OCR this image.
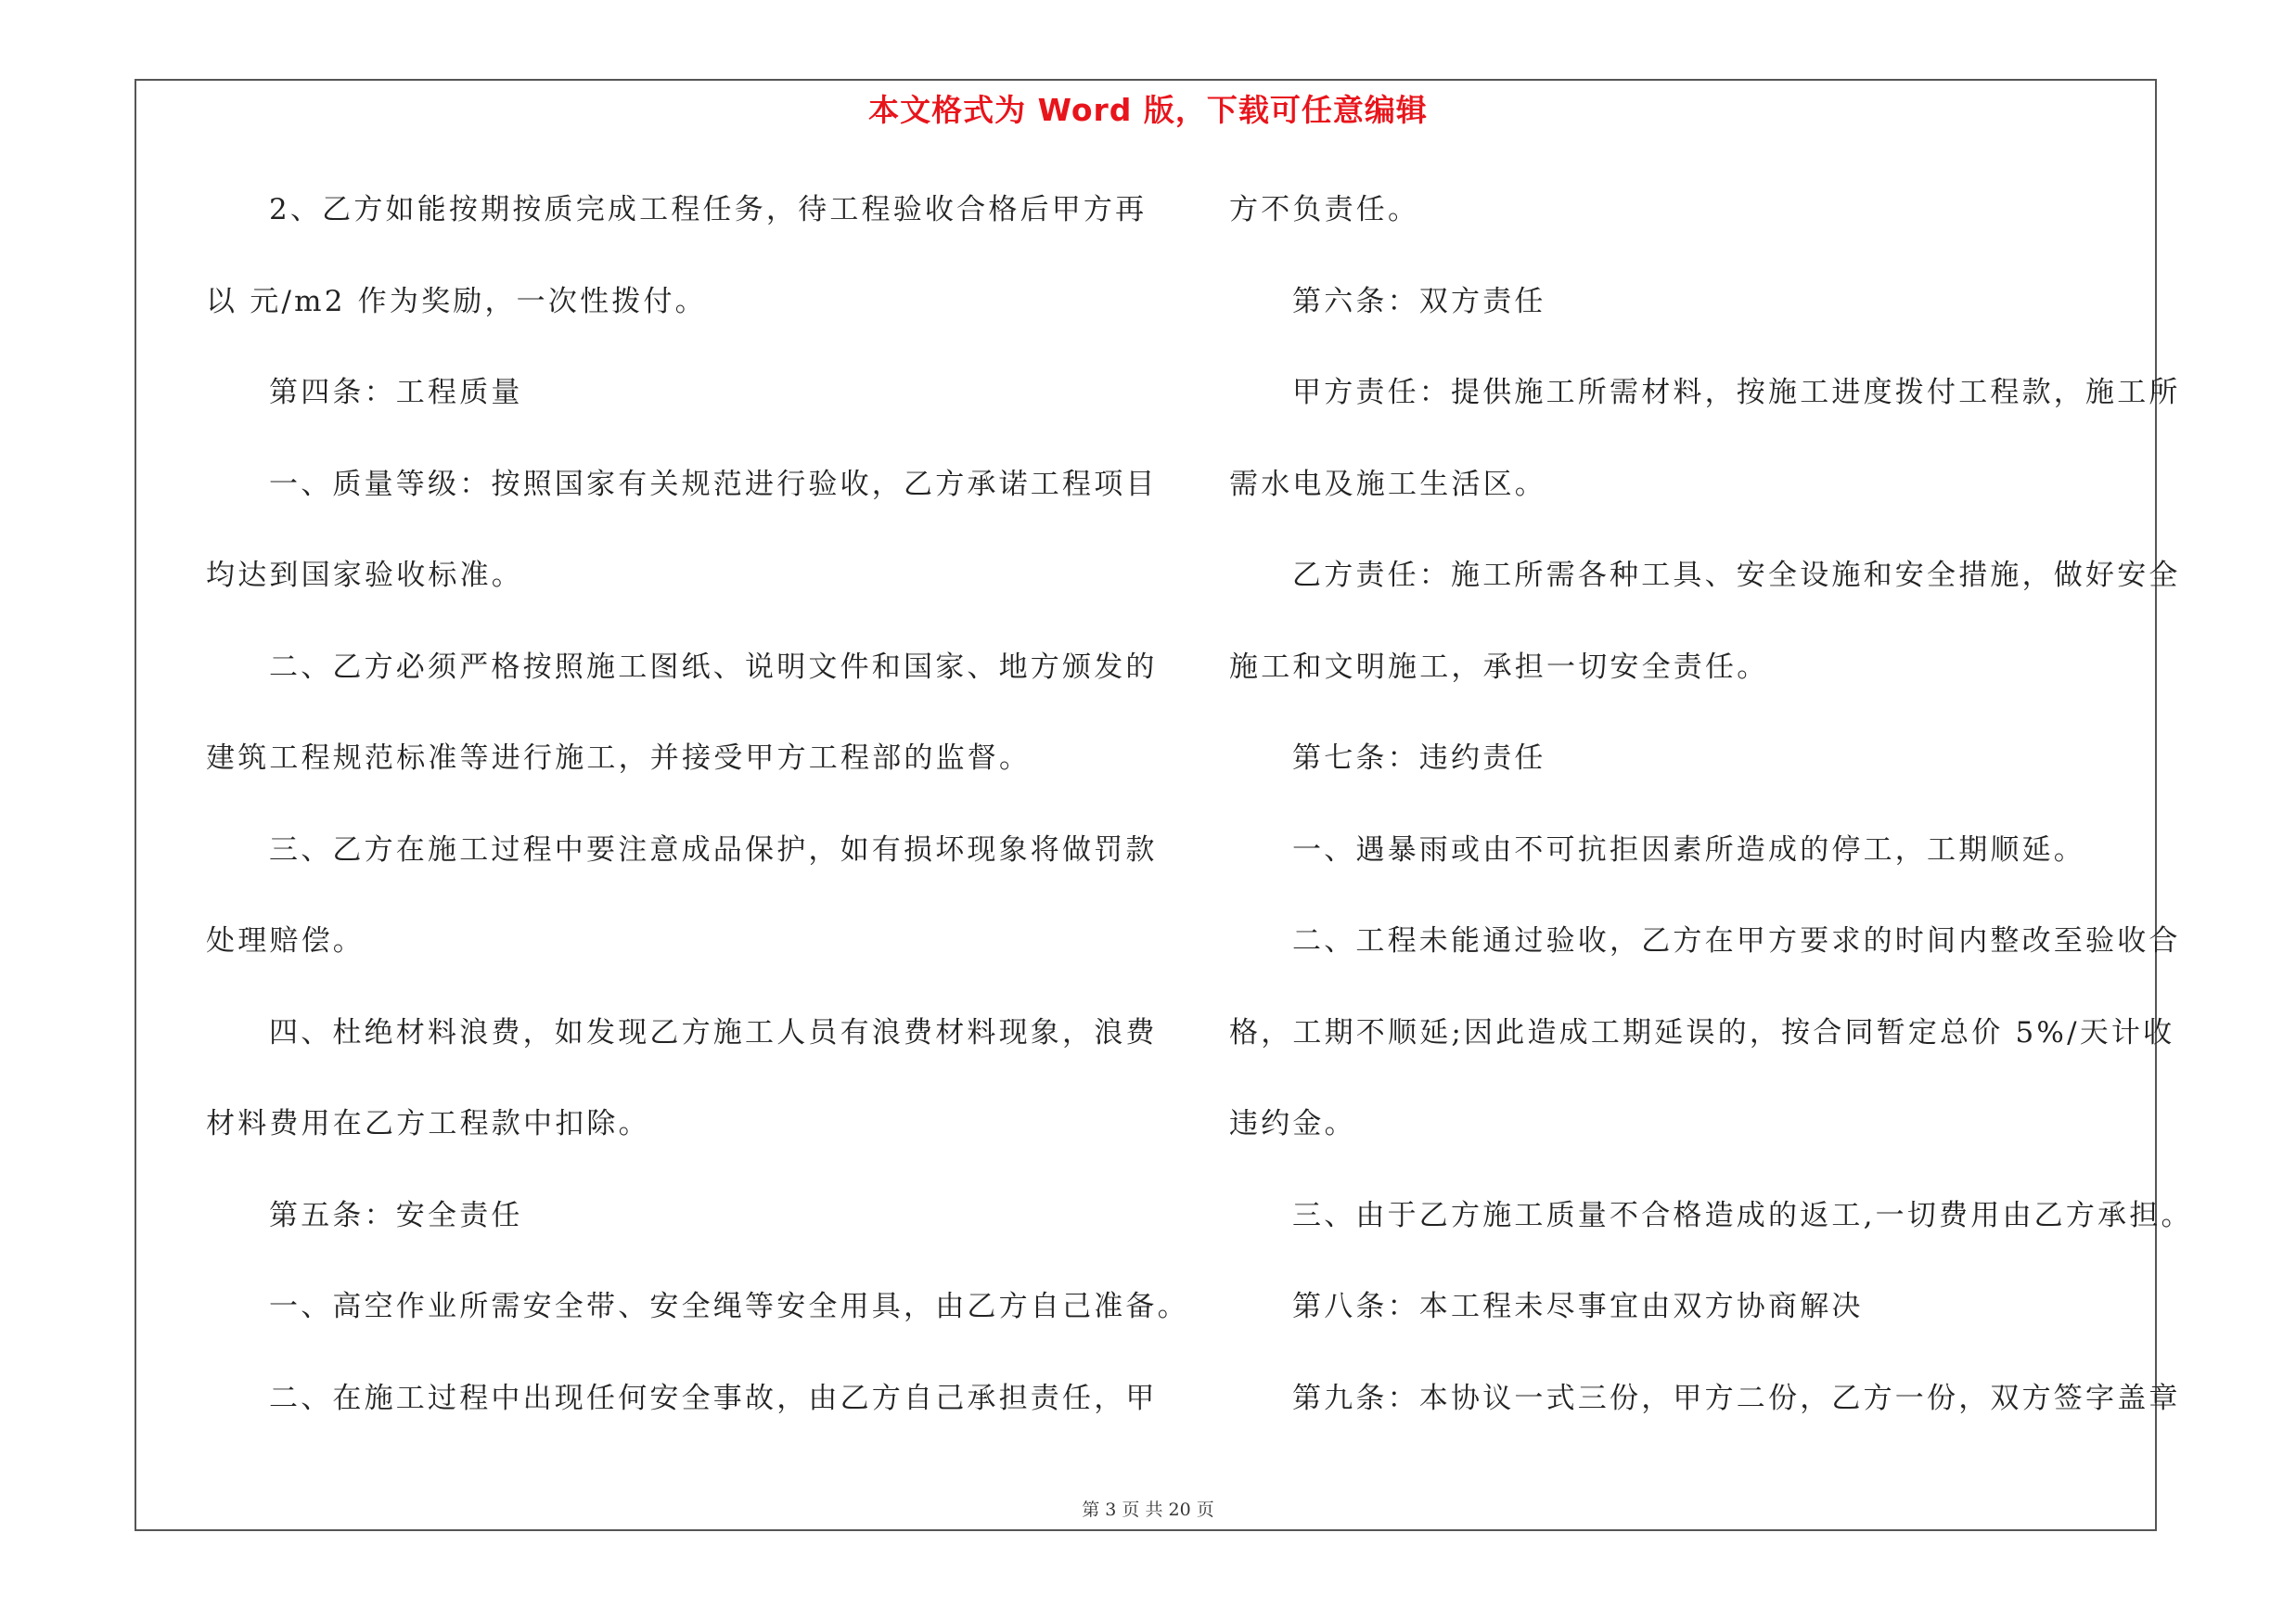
本文格式为 Word 版，下载可任意编辑
2、乙方如能按期按质完成工程任务，待工程验收合格后甲方再
以 元/m2 作为奖励，一次性拨付。
第四条：工程质量
一、质量等级：按照国家有关规范进行验收，乙方承诺工程项目
均达到国家验收标准。
二、乙方必须严格按照施工图纸、说明文件和国家、地方颁发的
建筑工程规范标准等进行施工，并接受甲方工程部的监督。
三、乙方在施工过程中要注意成品保护，如有损坏现象将做罚款
处理赔偿。
四、杜绝材料浪费，如发现乙方施工人员有浪费材料现象，浪费
材料费用在乙方工程款中扣除。
第五条：安全责任
一、高空作业所需安全带、安全绳等安全用具，由乙方自己准备。
二、在施工过程中出现任何安全事故，由乙方自己承担责任，甲
方不负责任。
第六条：双方责任
甲方责任：提供施工所需材料，按施工进度拨付工程款，施工所
需水电及施工生活区。
乙方责任：施工所需各种工具、安全设施和安全措施，做好安全
施工和文明施工，承担一切安全责任。
第七条：违约责任
一、遇暴雨或由不可抗拒因素所造成的停工，工期顺延。
二、工程未能通过验收，乙方在甲方要求的时间内整改至验收合
格，工期不顺延;因此造成工期延误的，按合同暂定总价 5%/天计收
违约金。
三、由于乙方施工质量不合格造成的返工,一切费用由乙方承担。
第八条：本工程未尽事宜由双方协商解决
第九条：本协议一式三份，甲方二份，乙方一份，双方签字盖章
第 3 页 共 20 页
